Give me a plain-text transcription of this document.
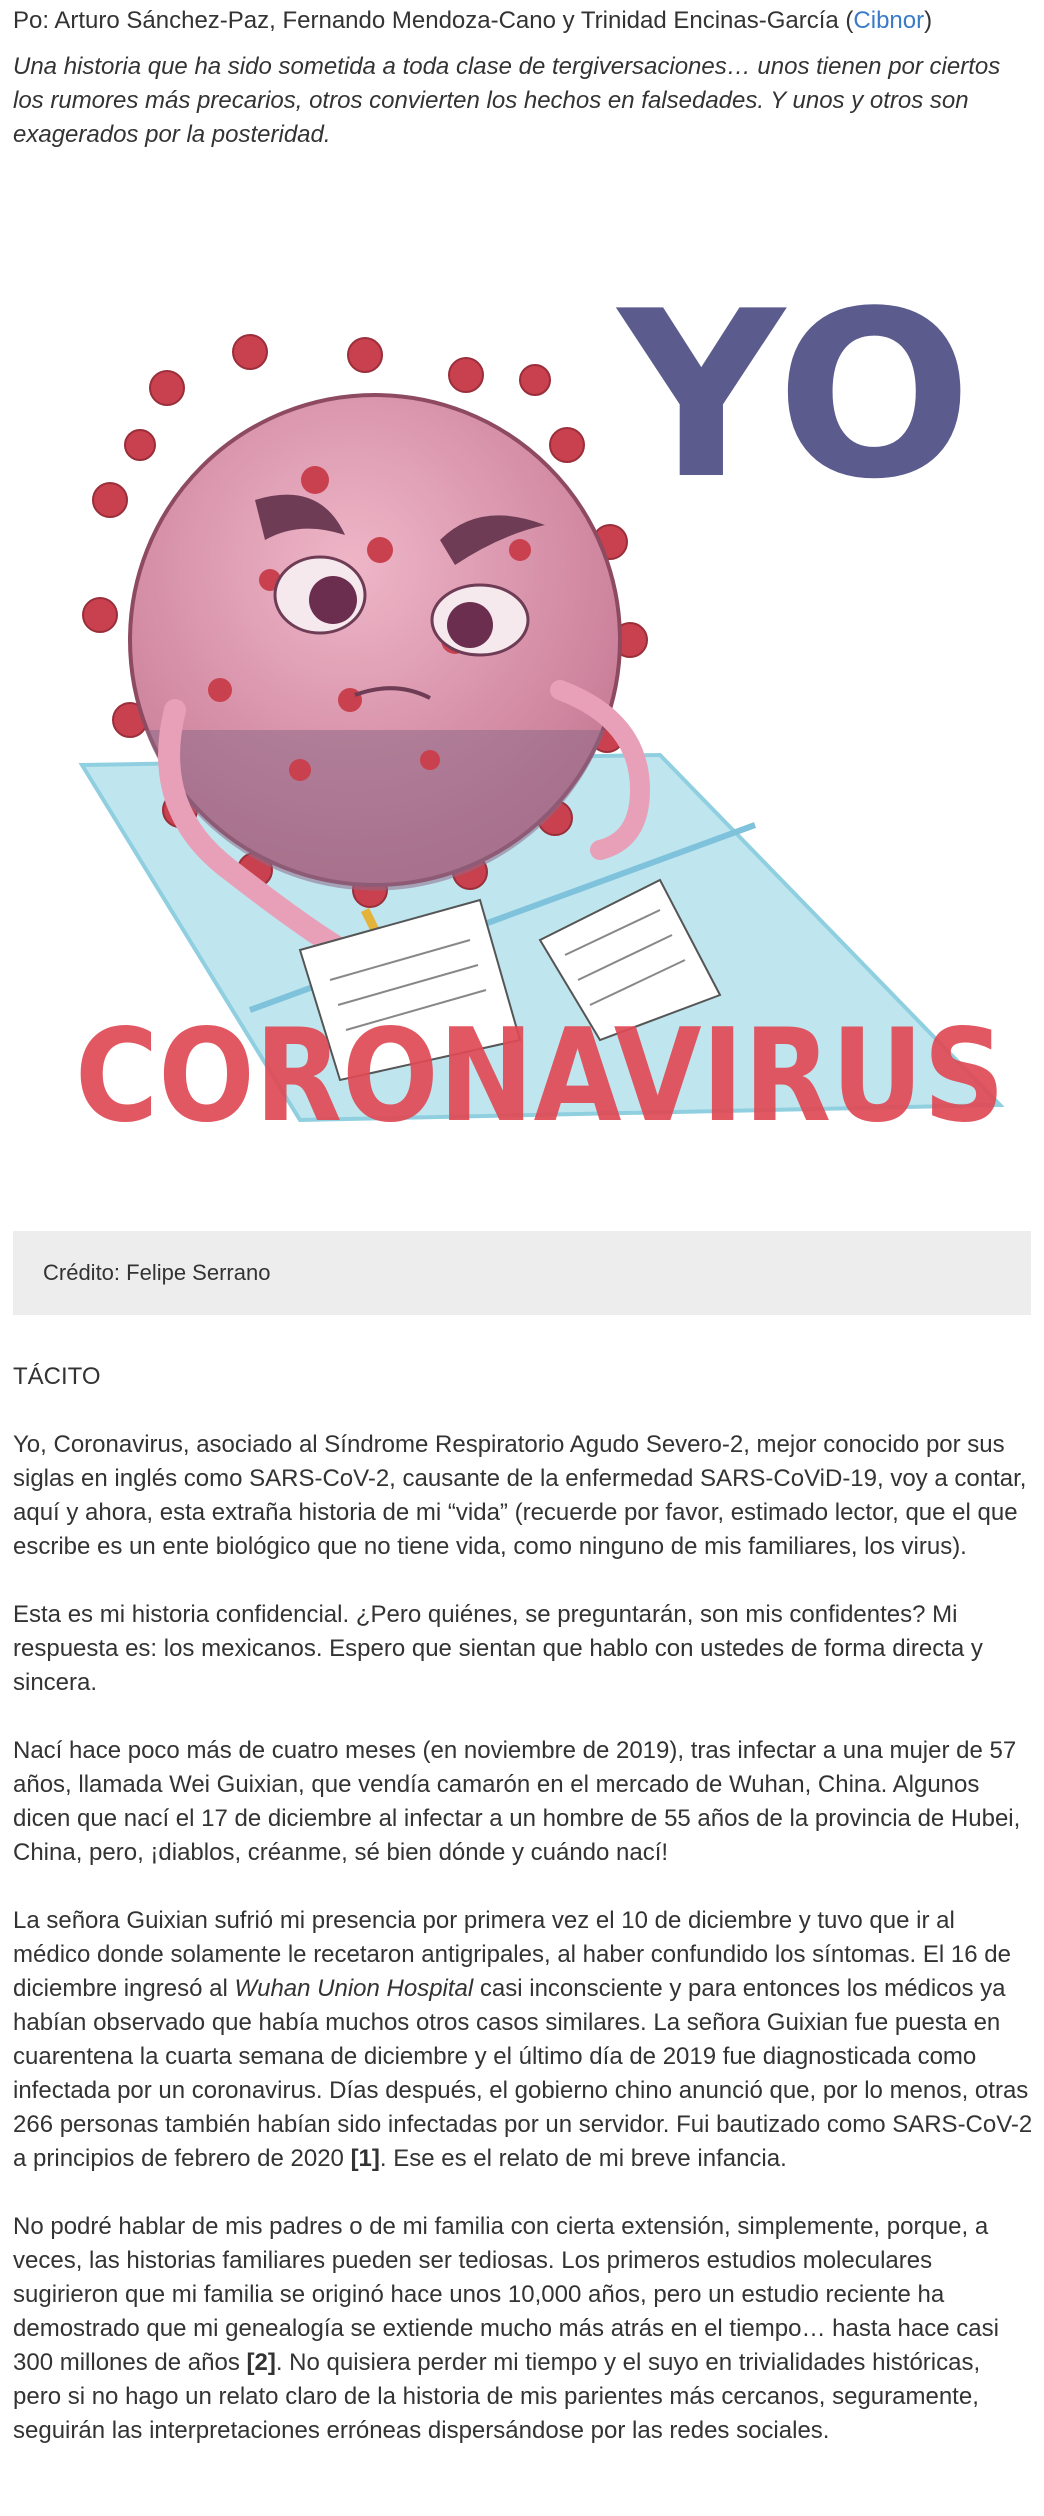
Po: Arturo Sánchez-Paz, Fernando Mendoza-Cano y Trinidad Encinas-García (Cibnor)
Una historia que ha sido sometida a toda clase de tergiversaciones… unos tienen por ciertos los rumores más precarios, otros convierten los hechos en falsedades. Y unos y otros son exagerados por la posteridad.
YO
CORONAVIRUS
Crédito: Felipe Serrano
TÁCITO

Yo, Coronavirus, asociado al Síndrome Respiratorio Agudo Severo-2, mejor conocido por sus siglas en inglés como SARS-CoV-2, causante de la enfermedad SARS-CoViD-19, voy a contar, aquí y ahora, esta extraña historia de mi “vida” (recuerde por favor, estimado lector, que el que escribe es un ente biológico que no tiene vida, como ninguno de mis familiares, los virus).

Esta es mi historia confidencial. ¿Pero quiénes, se preguntarán, son mis confidentes? Mi respuesta es: los mexicanos. Espero que sientan que hablo con ustedes de forma directa y sincera.

Nací hace poco más de cuatro meses (en noviembre de 2019), tras infectar a una mujer de 57 años, llamada Wei Guixian, que vendía camarón en el mercado de Wuhan, China. Algunos dicen que nací el 17 de diciembre al infectar a un hombre de 55 años de la provincia de Hubei, China, pero, ¡diablos, créanme, sé bien dónde y cuándo nací!

La señora Guixian sufrió mi presencia por primera vez el 10 de diciembre y tuvo que ir al médico donde solamente le recetaron antigripales, al haber confundido los síntomas. El 16 de diciembre ingresó al Wuhan Union Hospital casi inconsciente y para entonces los médicos ya habían observado que había muchos otros casos similares. La señora Guixian fue puesta en cuarentena la cuarta semana de diciembre y el último día de 2019 fue diagnosticada como infectada por un coronavirus. Días después, el gobierno chino anunció que, por lo menos, otras 266 personas también habían sido infectadas por un servidor. Fui bautizado como SARS-CoV-2 a principios de febrero de 2020 [1]. Ese es el relato de mi breve infancia.

No podré hablar de mis padres o de mi familia con cierta extensión, simplemente, porque, a veces, las historias familiares pueden ser tediosas. Los primeros estudios moleculares sugirieron que mi familia se originó hace unos 10,000 años, pero un estudio reciente ha demostrado que mi genealogía se extiende mucho más atrás en el tiempo… hasta hace casi 300 millones de años [2]. No quisiera perder mi tiempo y el suyo en trivialidades históricas, pero si no hago un relato claro de la historia de mis parientes más cercanos, seguramente, seguirán las interpretaciones erróneas dispersándose por las redes sociales.
